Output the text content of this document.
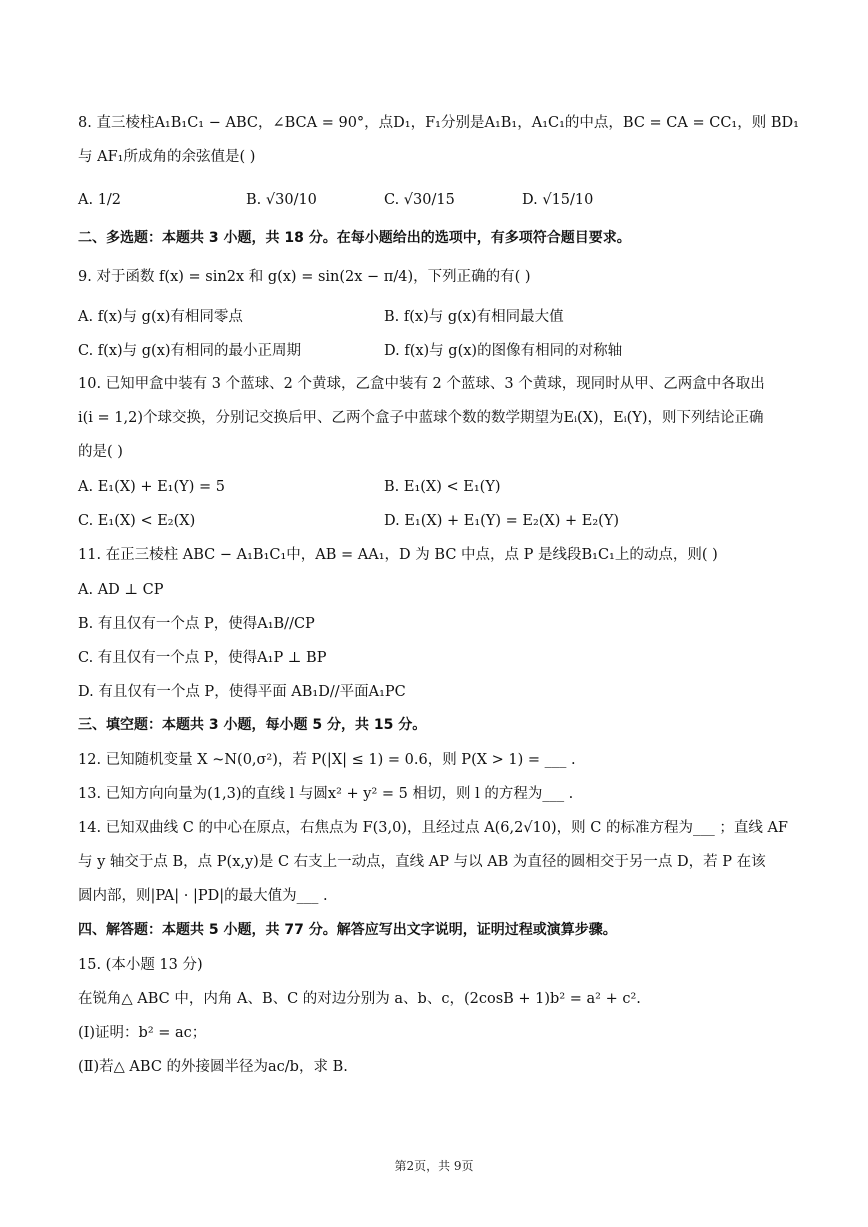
8. 直三棱柱A₁B₁C₁ − ABC，∠BCA = 90°，点D₁，F₁分别是A₁B₁，A₁C₁的中点，BC = CA = CC₁，则 BD₁
与 AF₁所成角的余弦值是( )
A. 1/2	B. √30/10	C. √30/15	D. √15/10
二、多选题：本题共 3 小题，共 18 分。在每小题给出的选项中，有多项符合题目要求。
9. 对于函数 f(x) = sin2x 和 g(x) = sin(2x − π/4)，下列正确的有( )
A. f(x)与 g(x)有相同零点	B. f(x)与 g(x)有相同最大值
C. f(x)与 g(x)有相同的最小正周期	D. f(x)与 g(x)的图像有相同的对称轴
10. 已知甲盒中装有 3 个蓝球、2 个黄球，乙盒中装有 2 个蓝球、3 个黄球，现同时从甲、乙两盒中各取出
i(i = 1,2)个球交换，分别记交换后甲、乙两个盒子中蓝球个数的数学期望为Eᵢ(X)，Eᵢ(Y)，则下列结论正确
的是( )
A. E₁(X) + E₁(Y) = 5	B. E₁(X) < E₁(Y)
C. E₁(X) < E₂(X)	D. E₁(X) + E₁(Y) = E₂(X) + E₂(Y)
11. 在正三棱柱 ABC − A₁B₁C₁中，AB = AA₁，D 为 BC 中点，点 P 是线段B₁C₁上的动点，则( )
A. AD ⊥ CP
B. 有且仅有一个点 P，使得A₁B//CP
C. 有且仅有一个点 P，使得A₁P ⊥ BP
D. 有且仅有一个点 P，使得平面 AB₁D//平面A₁PC
三、填空题：本题共 3 小题，每小题 5 分，共 15 分。
12. 已知随机变量 X ~N(0,σ²)，若 P(|X| ≤ 1) = 0.6，则 P(X > 1) = ___ .
13. 已知方向向量为(1,3)的直线 l 与圆x² + y² = 5 相切，则 l 的方程为___ .
14. 已知双曲线 C 的中心在原点，右焦点为 F(3,0)，且经过点 A(6,2√10)，则 C 的标准方程为___ ；直线 AF
与 y 轴交于点 B，点 P(x,y)是 C 右支上一动点，直线 AP 与以 AB 为直径的圆相交于另一点 D，若 P 在该
圆内部，则|PA| · |PD|的最大值为___ .
四、解答题：本题共 5 小题，共 77 分。解答应写出文字说明，证明过程或演算步骤。
15. (本小题 13 分)
在锐角△ ABC 中，内角 A、B、C 的对边分别为 a、b、c，(2cosB + 1)b² = a² + c².
(Ⅰ)证明：b² = ac；
(Ⅱ)若△ ABC 的外接圆半径为ac/b，求 B.
第2页，共 9页
